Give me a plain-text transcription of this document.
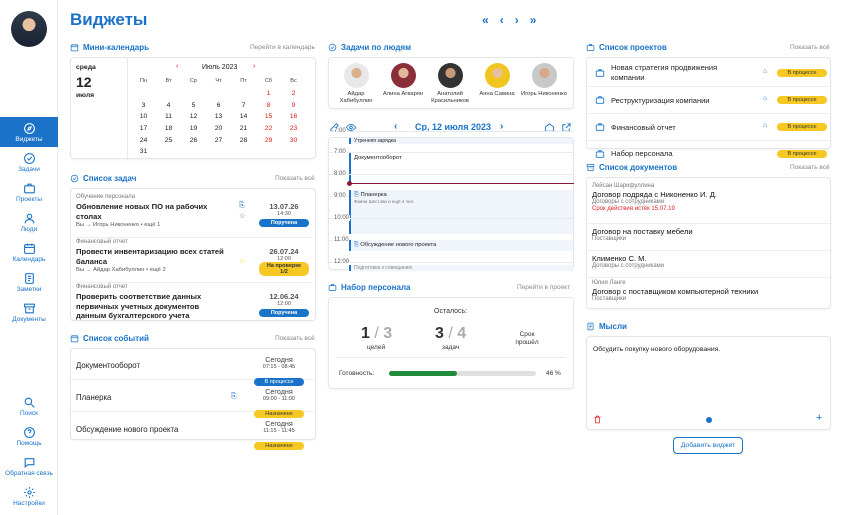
Виджеты
Задачи
Проекты
Люди
Календарь
Заметки
Документы
Поиск
Помощь
Обратная связь
Настройки
Виджеты	« ‹ › »
Мини-календарь	Перейти в календарь
среда
12
июля
‹	Июль 2023 ›
Пн	Вт	Ср	Чт	Пт	Сб	Вс
					1	2
3	4	5	6	7	8	9
10	11	12	13	14	15	16
17	18	19	20	21	22	23
24	25	26	27	28	29	30
31						
Список задач	Показать всё
Обучение персонала
Обновление новых ПО на рабочих столах
Вы → Игорь Никоненко • ещё 1
⎘
☆
13.07.26
14:30
Поручена
Финансовый отчет
Провести инвентаризацию всех статей баланса
Вы → Айдар Хабибуллин • ещё 2
☆
26.07.24
12:00
На проверке 1/2
Финансовый отчет
Проверить соответствие данных первичных учетных документов данным бухгалтерского учета
12.06.24
12:00
Поручена
Список событий	Показать всё
Документооборот
Сегодня
07:15 - 08:45
В процессе
Планерка	⎘
Сегодня
09:00 - 11:00
Назначено
Обсуждение нового проекта
Сегодня
11:15 - 11:45
Назначено
Задачи по людям
Айдар Хабибуллин
Алина Агварян	Анатолий Красильников
Анна Савина	Игорь Никоненко
‹ Ср, 12 июля 2023 ›
7:00
Утренняя зарядка
7:00
Документооборот
8:00
9:00	⎘ Планерка
Фаина Шестова и ещё 4 чел.
10:00
11:00
⎘ Обсуждение нового проекта
12:00
Подготовка к совещанию
Набор персонала	Перейти в проект
Осталось:
1 / 3
целей
3 / 4
задач
Срок прошёл
Готовность:	46 %
Список проектов	Показать всё
Новая стратегия продвижения компании
⌂	В процессе
Реструктуризация компании	⌂	В процессе
Финансовый отчет	⌂	В процессе
Набор персонала	В процессе
Список документов	Показать всё
Лейсан Шарифуллина
Договор подряда с Никоненко И. Д.
Договоры с сотрудниками
Срок действия истёк 15.07.19
Договор на поставку мебели
Поставщики
Клименко С. М.
Договоры с сотрудниками
Юлия Ланге
Договор с поставщиком компьютерной техники
Поставщики
Мысли
Обсудить покупку нового оборудования.
+
Добавить виджет
